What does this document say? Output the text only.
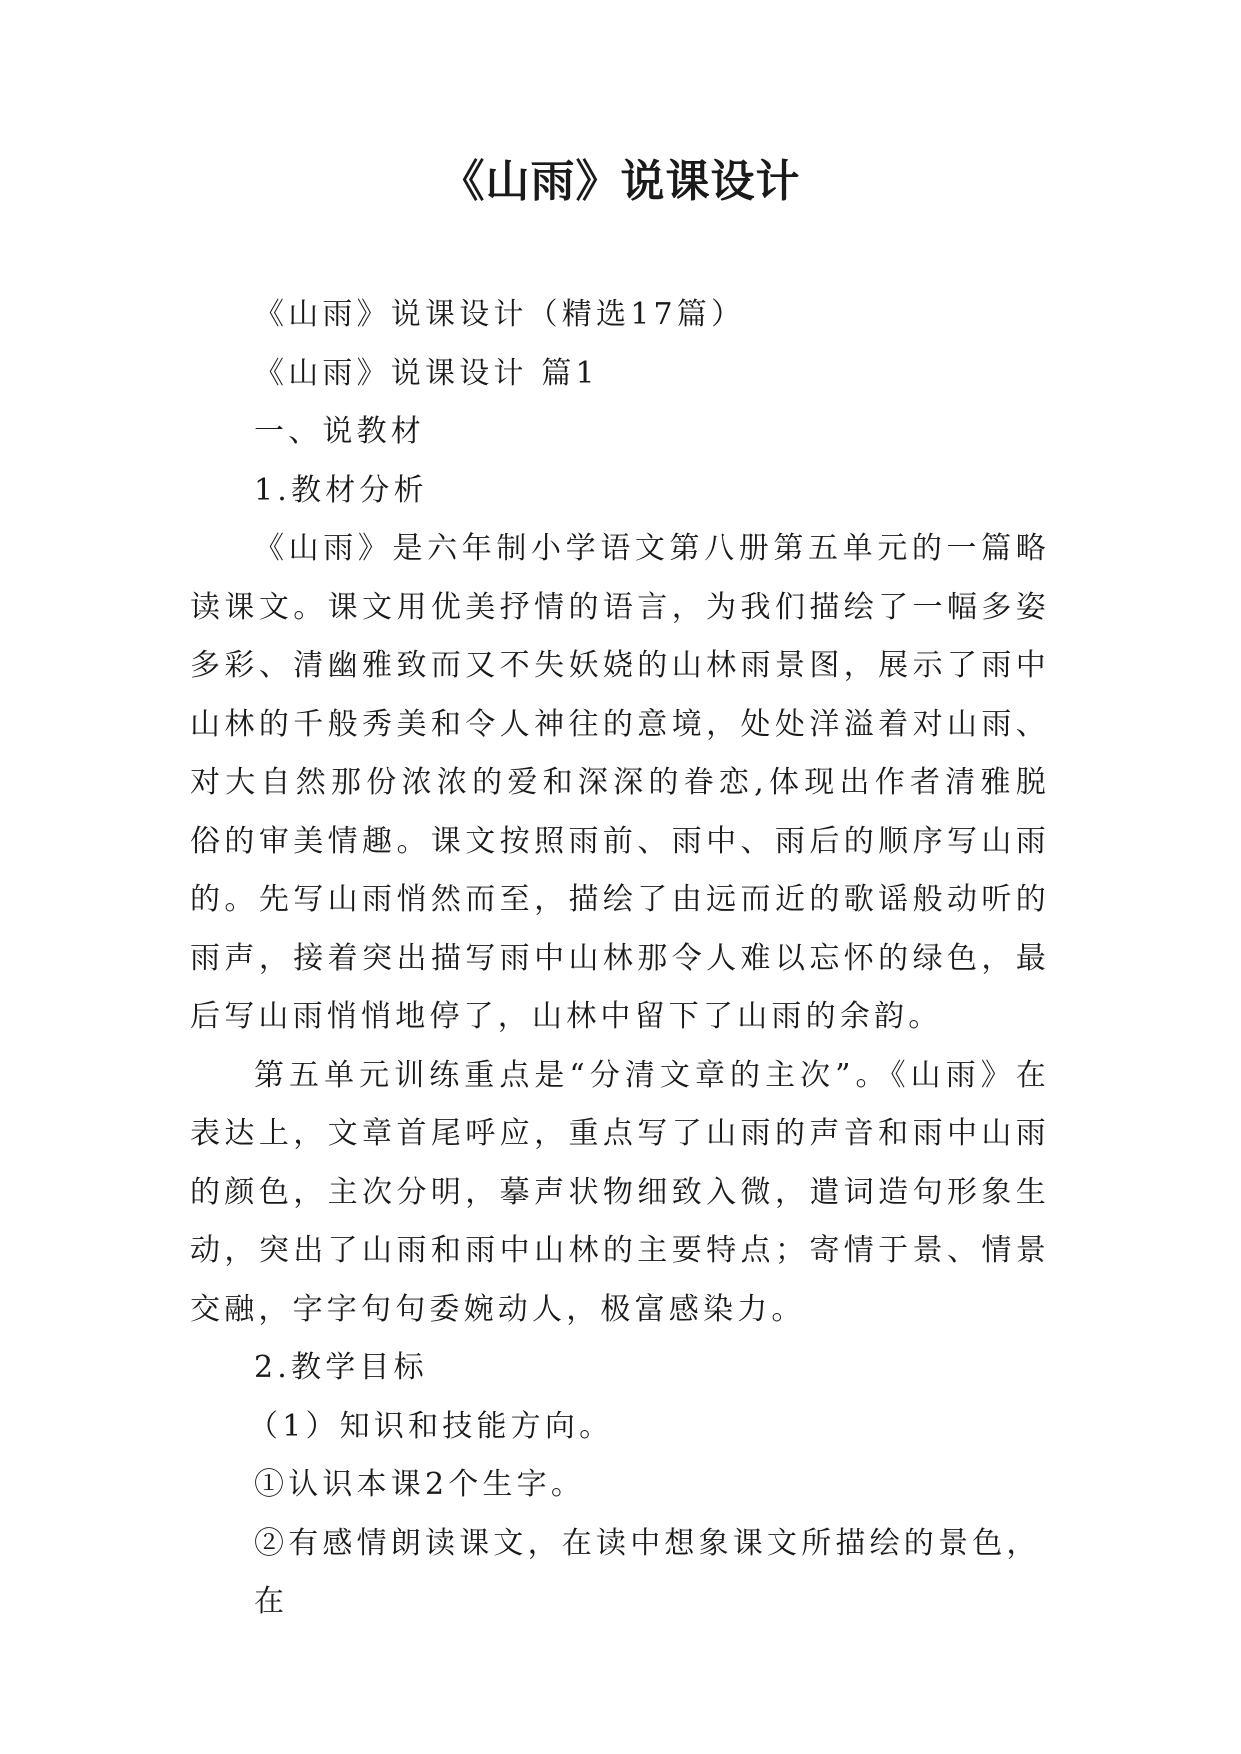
《山雨》说课设计

《山雨》说课设计（精选17篇）

《山雨》说课设计 篇1

一、说教材

1.教材分析

《山雨》是六年制小学语文第八册第五单元的一篇略读课文。课文用优美抒情的语言，为我们描绘了一幅多姿多彩、清幽雅致而又不失妖娆的山林雨景图，展示了雨中山林的千般秀美和令人神往的意境，处处洋溢着对山雨、对大自然那份浓浓的爱和深深的眷恋,体现出作者清雅脱俗的审美情趣。课文按照雨前、雨中、雨后的顺序写山雨的。先写山雨悄然而至，描绘了由远而近的歌谣般动听的雨声，接着突出描写雨中山林那令人难以忘怀的绿色，最后写山雨悄悄地停了，山林中留下了山雨的余韵。

第五单元训练重点是“分清文章的主次”。《山雨》在表达上，文章首尾呼应，重点写了山雨的声音和雨中山雨的颜色，主次分明，摹声状物细致入微，遣词造句形象生动，突出了山雨和雨中山林的主要特点；寄情于景、情景交融，字字句句委婉动人，极富感染力。

2.教学目标

（1）知识和技能方向。

①认识本课2个生字。

②有感情朗读课文，在读中想象课文所描绘的景色，在
